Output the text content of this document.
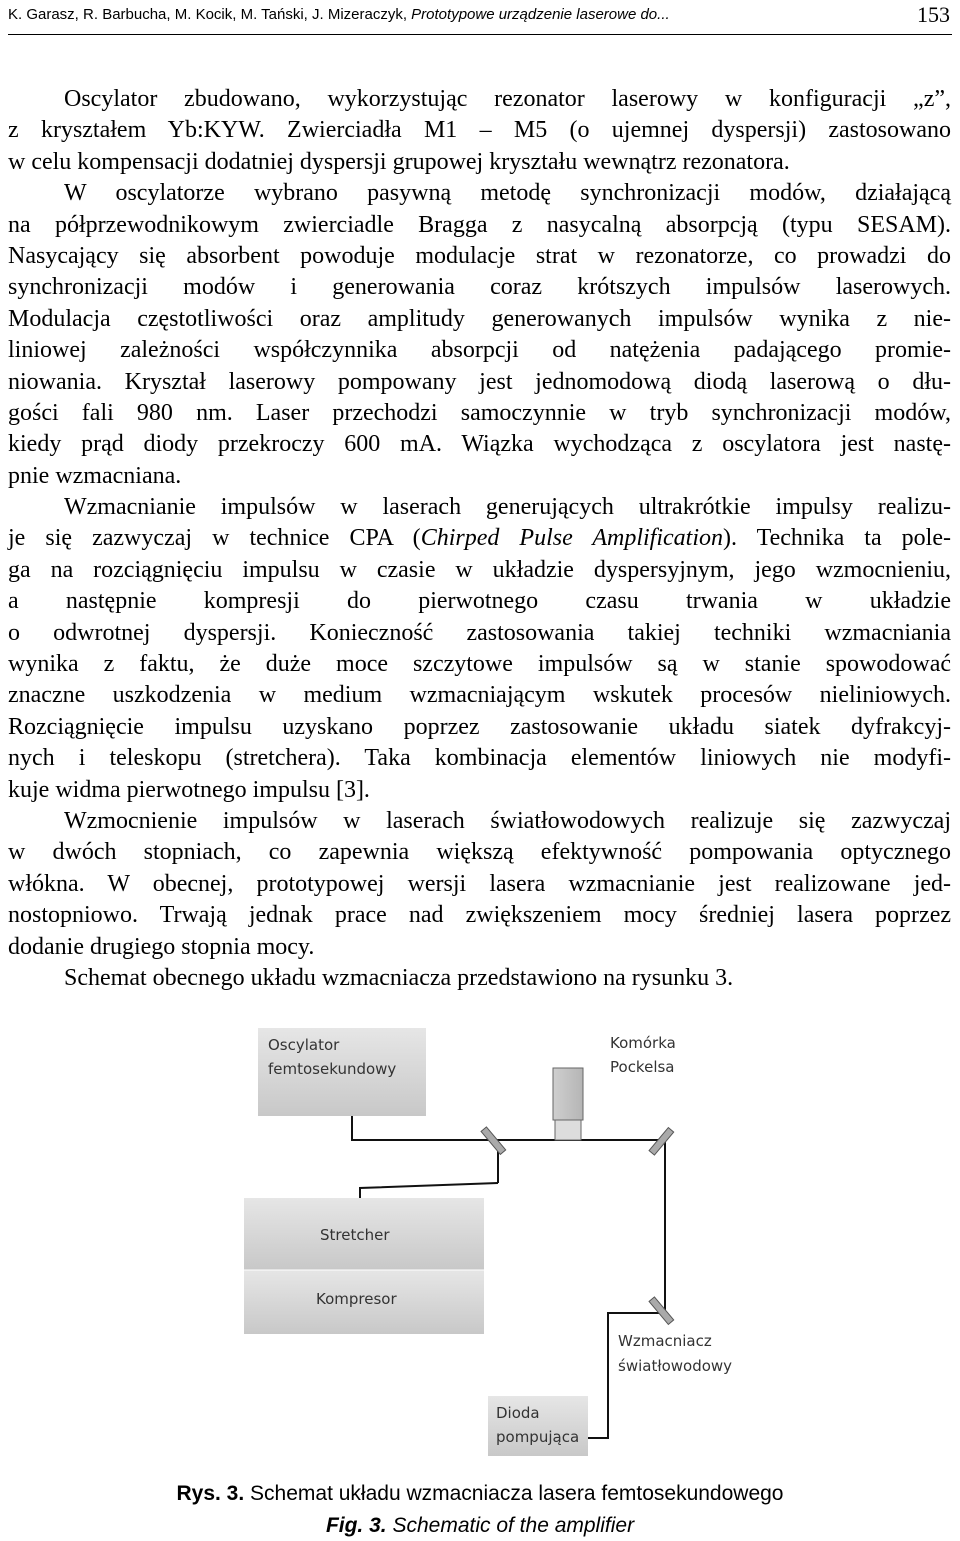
K. Garasz, R. Barbucha, M. Kocik, M. Tański, J. Mizeraczyk, Prototypowe urządzenie laserowe do...	153
Oscylator zbudowano, wykorzystując rezonator laserowy w konfiguracji „z”,
z kryształem Yb:KYW. Zwierciadła M1 – M5 (o ujemnej dyspersji) zastosowano
w celu kompensacji dodatniej dyspersji grupowej kryształu wewnątrz rezonatora.
W oscylatorze wybrano pasywną metodę synchronizacji modów, działającą
na półprzewodnikowym zwierciadle Bragga z nasycalną absorpcją (typu SESAM).
Nasycający się absorbent powoduje modulacje strat w rezonatorze, co prowadzi do
synchronizacji modów i generowania coraz krótszych impulsów laserowych.
Modulacja częstotliwości oraz amplitudy generowanych impulsów wynika z nie-
liniowej zależności współczynnika absorpcji od natężenia padającego promie-
niowania. Kryształ laserowy pompowany jest jednomodową diodą laserową o dłu-
gości fali 980 nm. Laser przechodzi samoczynnie w tryb synchronizacji modów,
kiedy prąd diody przekroczy 600 mA. Wiązka wychodząca z oscylatora jest nastę-
pnie wzmacniana.
Wzmacnianie impulsów w laserach generujących ultrakrótkie impulsy realizu-
je się zazwyczaj w technice CPA (Chirped Pulse Amplification). Technika ta pole-
ga na rozciągnięciu impulsu w czasie w układzie dyspersyjnym, jego wzmocnieniu,
a następnie kompresji do pierwotnego czasu trwania w układzie
o odwrotnej dyspersji. Konieczność zastosowania takiej techniki wzmacniania
wynika z faktu, że duże moce szczytowe impulsów są w stanie spowodować
znaczne uszkodzenia w medium wzmacniającym wskutek procesów nieliniowych.
Rozciągnięcie impulsu uzyskano poprzez zastosowanie układu siatek dyfrakcyj-
nych i teleskopu (stretchera). Taka kombinacja elementów liniowych nie modyfi-
kuje widma pierwotnego impulsu [3].
Wzmocnienie impulsów w laserach światłowodowych realizuje się zazwyczaj
w dwóch stopniach, co zapewnia większą efektywność pompowania optycznego
włókna. W obecnej, prototypowej wersji lasera wzmacnianie jest realizowane jed-
nostopniowo. Trwają jednak prace nad zwiększeniem mocy średniej lasera poprzez
dodanie drugiego stopnia mocy.
Schemat obecnego układu wzmacniacza przedstawiono na rysunku 3.
Oscylator
femtosekundowy
Komórka
Pockelsa
Stretcher
Kompresor
Wzmacniacz
światłowodowy
Dioda
pompująca
Rys. 3. Schemat układu wzmacniacza lasera femtosekundowego
Fig. 3. Schematic of the amplifier
